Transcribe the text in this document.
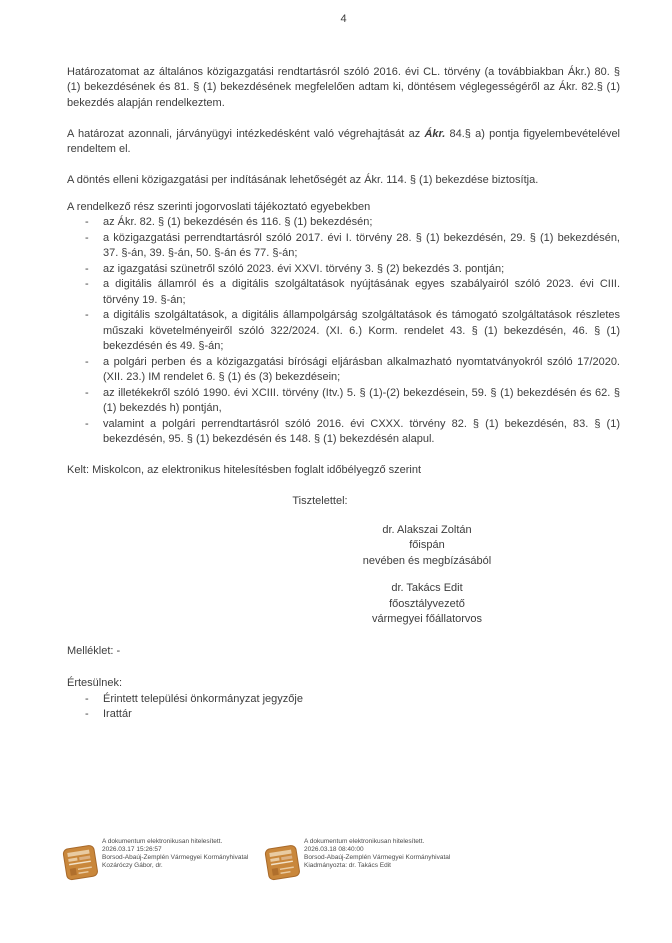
4

Határozatomat az általános közigazgatási rendtartásról szóló 2016. évi CL. törvény (a továbbiakban Ákr.) 80. § (1) bekezdésének és 81. § (1) bekezdésének megfelelően adtam ki, döntésem véglegességéről az Ákr. 82.§ (1) bekezdés alapján rendelkeztem.

A határozat azonnali, járványügyi intézkedésként való végrehajtását az Ákr. 84.§ a) pontja figyelembevételével rendeltem el.

A döntés elleni közigazgatási per indításának lehetőségét az Ákr. 114. § (1) bekezdése biztosítja.

A rendelkező rész szerinti jogorvoslati tájékoztató egyebekben
- az Ákr. 82. § (1) bekezdésén és 116. § (1) bekezdésén;
- a közigazgatási perrendtartásról szóló 2017. évi I. törvény 28. § (1) bekezdésén, 29. § (1) bekezdésén, 37. §-án, 39. §-án, 50. §-án és 77. §-án;
- az igazgatási szünetről szóló 2023. évi XXVI. törvény 3. § (2) bekezdés 3. pontján;
- a digitális államról és a digitális szolgáltatások nyújtásának egyes szabályairól szóló 2023. évi CIII. törvény 19. §-án;
- a digitális szolgáltatások, a digitális állampolgárság szolgáltatások és támogató szolgáltatások részletes műszaki követelményeiről szóló 322/2024. (XI. 6.) Korm. rendelet 43. § (1) bekezdésén, 46. § (1) bekezdésén és 49. §-án;
- a polgári perben és a közigazgatási bírósági eljárásban alkalmazható nyomtatványokról szóló 17/2020. (XII. 23.) IM rendelet 6. § (1) és (3) bekezdésein;
- az illetékekről szóló 1990. évi XCIII. törvény (Itv.) 5. § (1)-(2) bekezdésein, 59. § (1) bekezdésén és 62. § (1) bekezdés h) pontján,
- valamint a polgári perrendtartásról szóló 2016. évi CXXX. törvény 82. § (1) bekezdésén, 83. § (1) bekezdésén, 95. § (1) bekezdésén és 148. § (1) bekezdésén alapul.

Kelt: Miskolcon, az elektronikus hitelesítésben foglalt időbélyegző szerint

Tisztelettel:

dr. Alakszai Zoltán
főispán
nevében és megbízásából
dr. Takács Edit
főosztályvezető
vármegyei főállatorvos

Melléklet: -

Értesülnek:
- Érintett települési önkormányzat jegyzője
- Irattár
A dokumentum elektronikusan hitelesített.
2026.03.17 15:26:57
Borsod-Abaúj-Zemplén Vármegyei Kormányhivatal
Kozáróczy Gábor, dr.
A dokumentum elektronikusan hitelesített.
2026.03.18 08:40:00
Borsod-Abaúj-Zemplén Vármegyei Kormányhivatal
Kiadmányozta: dr. Takács Edit
